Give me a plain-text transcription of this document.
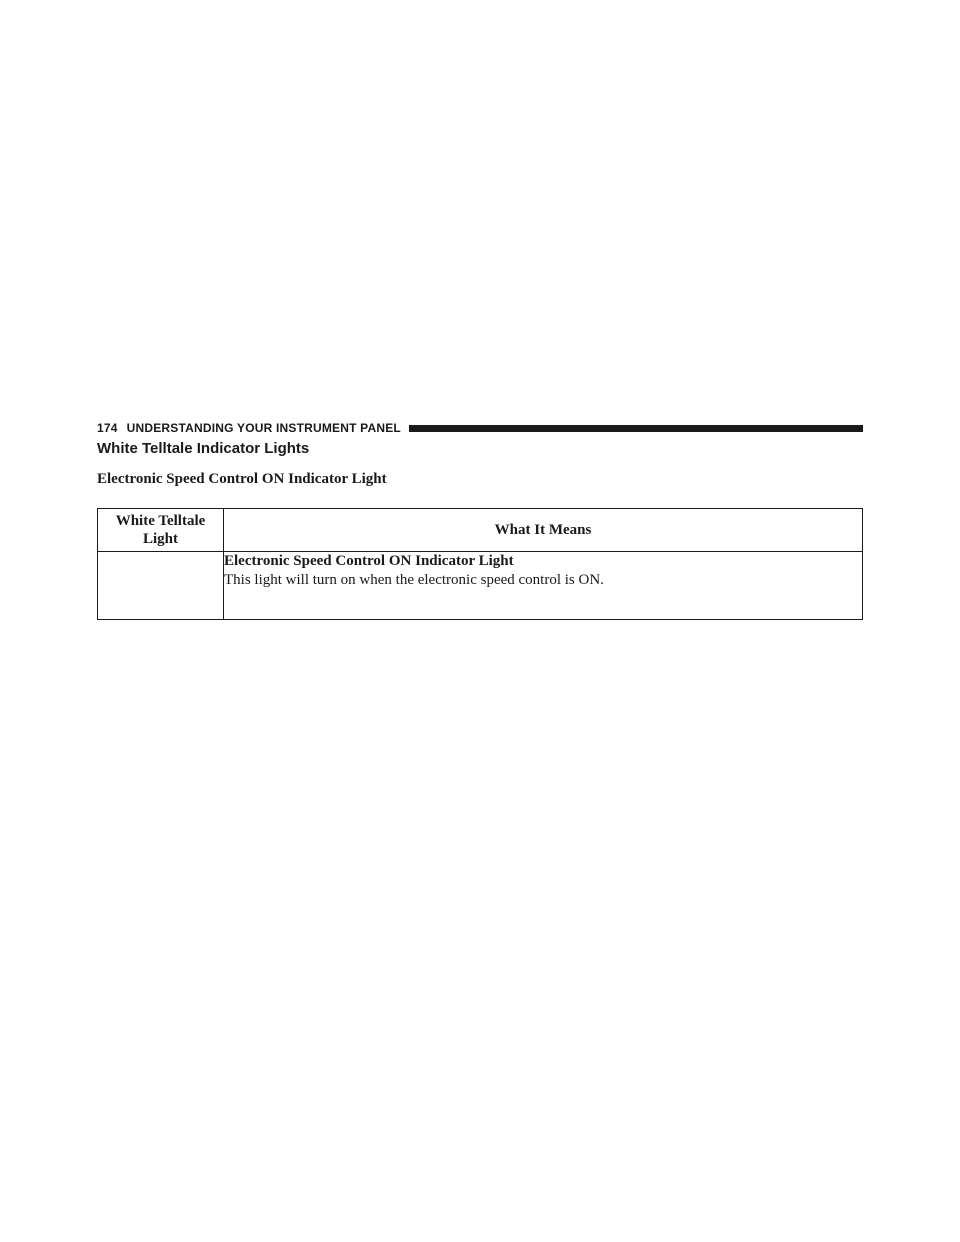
174 UNDERSTANDING YOUR INSTRUMENT PANEL
White Telltale Indicator Lights
Electronic Speed Control ON Indicator Light
White Telltale
Light	What It Means

	Electronic Speed Control ON Indicator Light
This light will turn on when the electronic speed control is ON.
